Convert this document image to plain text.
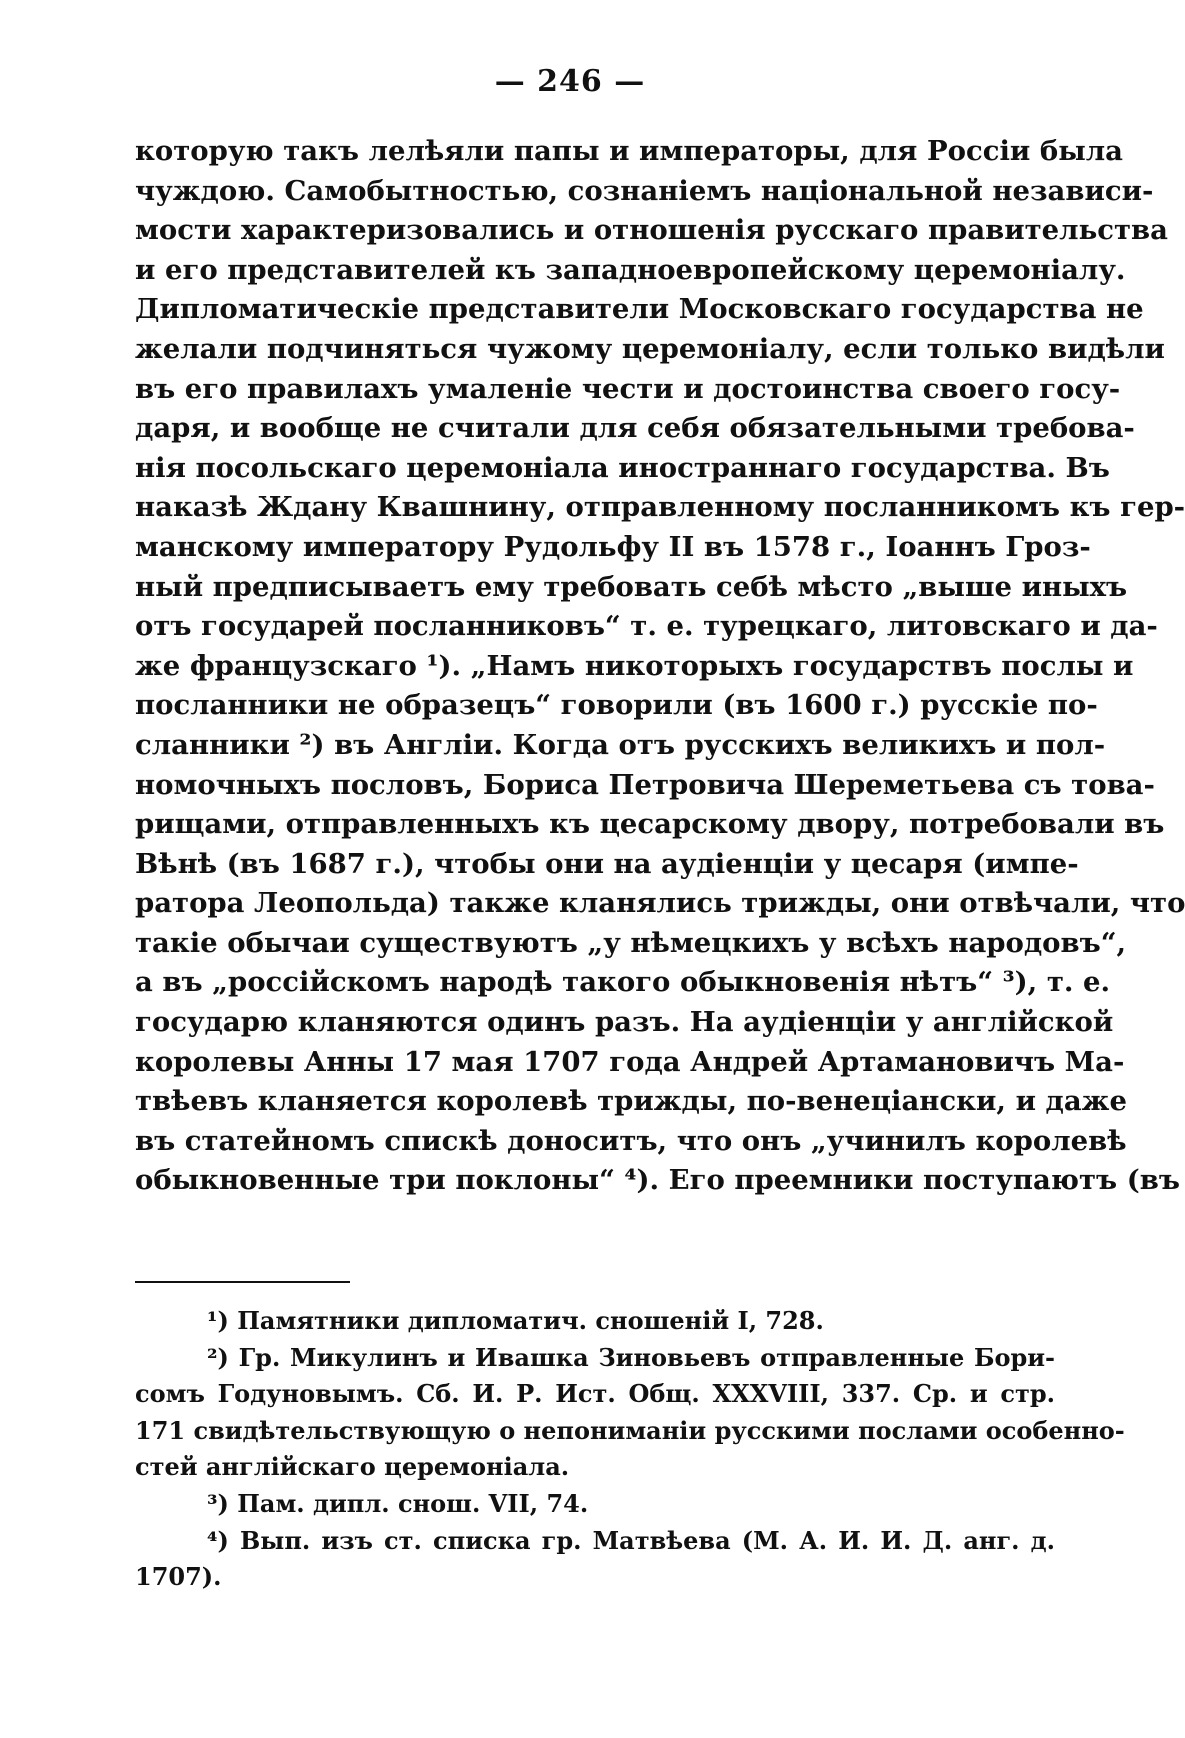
— 246 —
которую такъ лелѣяли папы и императоры, для Россіи была
чуждою. Самобытностью, сознаніемъ національной независи-
мости характеризовались и отношенія русскаго правительства
и его представителей къ западноевропейскому церемоніалу.
Дипломатическіе представители Московскаго государства не
желали подчиняться чужому церемоніалу, если только видѣли
въ его правилахъ умаленіе чести и достоинства своего госу-
даря, и вообще не считали для себя обязательными требова-
нія посольскаго церемоніала иностраннаго государства. Въ
наказѣ Ждану Квашнину, отправленному посланникомъ къ гер-
манскому императору Рудольфу II въ 1578 г., Іоаннъ Гроз-
ный предписываетъ ему требовать себѣ мѣсто „выше иныхъ
отъ государей посланниковъ“ т. е. турецкаго, литовскаго и да-
же французскаго ¹). „Намъ никоторыхъ государствъ послы и
посланники не образецъ“ говорили (въ 1600 г.) русскіе по-
сланники ²) въ Англіи. Когда отъ русскихъ великихъ и пол-
номочныхъ пословъ, Бориса Петровича Шереметьева съ това-
рищами, отправленныхъ къ цесарскому двору, потребовали въ
Вѣнѣ (въ 1687 г.), чтобы они на аудіенціи у цесаря (импе-
ратора Леопольда) также кланялись трижды, они отвѣчали, что
такіе обычаи существуютъ „у нѣмецкихъ у всѣхъ народовъ“,
а въ „россійскомъ народѣ такого обыкновенія нѣтъ“ ³), т. е.
государю кланяются одинъ разъ. На аудіенціи у англійской
королевы Анны 17 мая 1707 года Андрей Артамановичъ Ма-
твѣевъ кланяется королевѣ трижды, по-венеціански, и даже
въ статейномъ спискѣ доноситъ, что онъ „учинилъ королевѣ
обыкновенные три поклоны“ ⁴). Его преемники поступаютъ (въ
¹) Памятники дипломатич. сношеній I, 728.
²) Гр. Микулинъ и Ивашка Зиновьевъ отправленные Бори-
сомъ Годуновымъ. Сб. И. Р. Ист. Общ. XXXVIII, 337. Ср. и стр.
171 свидѣтельствующую о непониманіи русскими послами особенно-
стей англійскаго церемоніала.
³) Пам. дипл. снош. VII, 74.
⁴) Вып. изъ ст. списка гр. Матвѣева (М. А. И. И. Д. анг. д.
1707).
